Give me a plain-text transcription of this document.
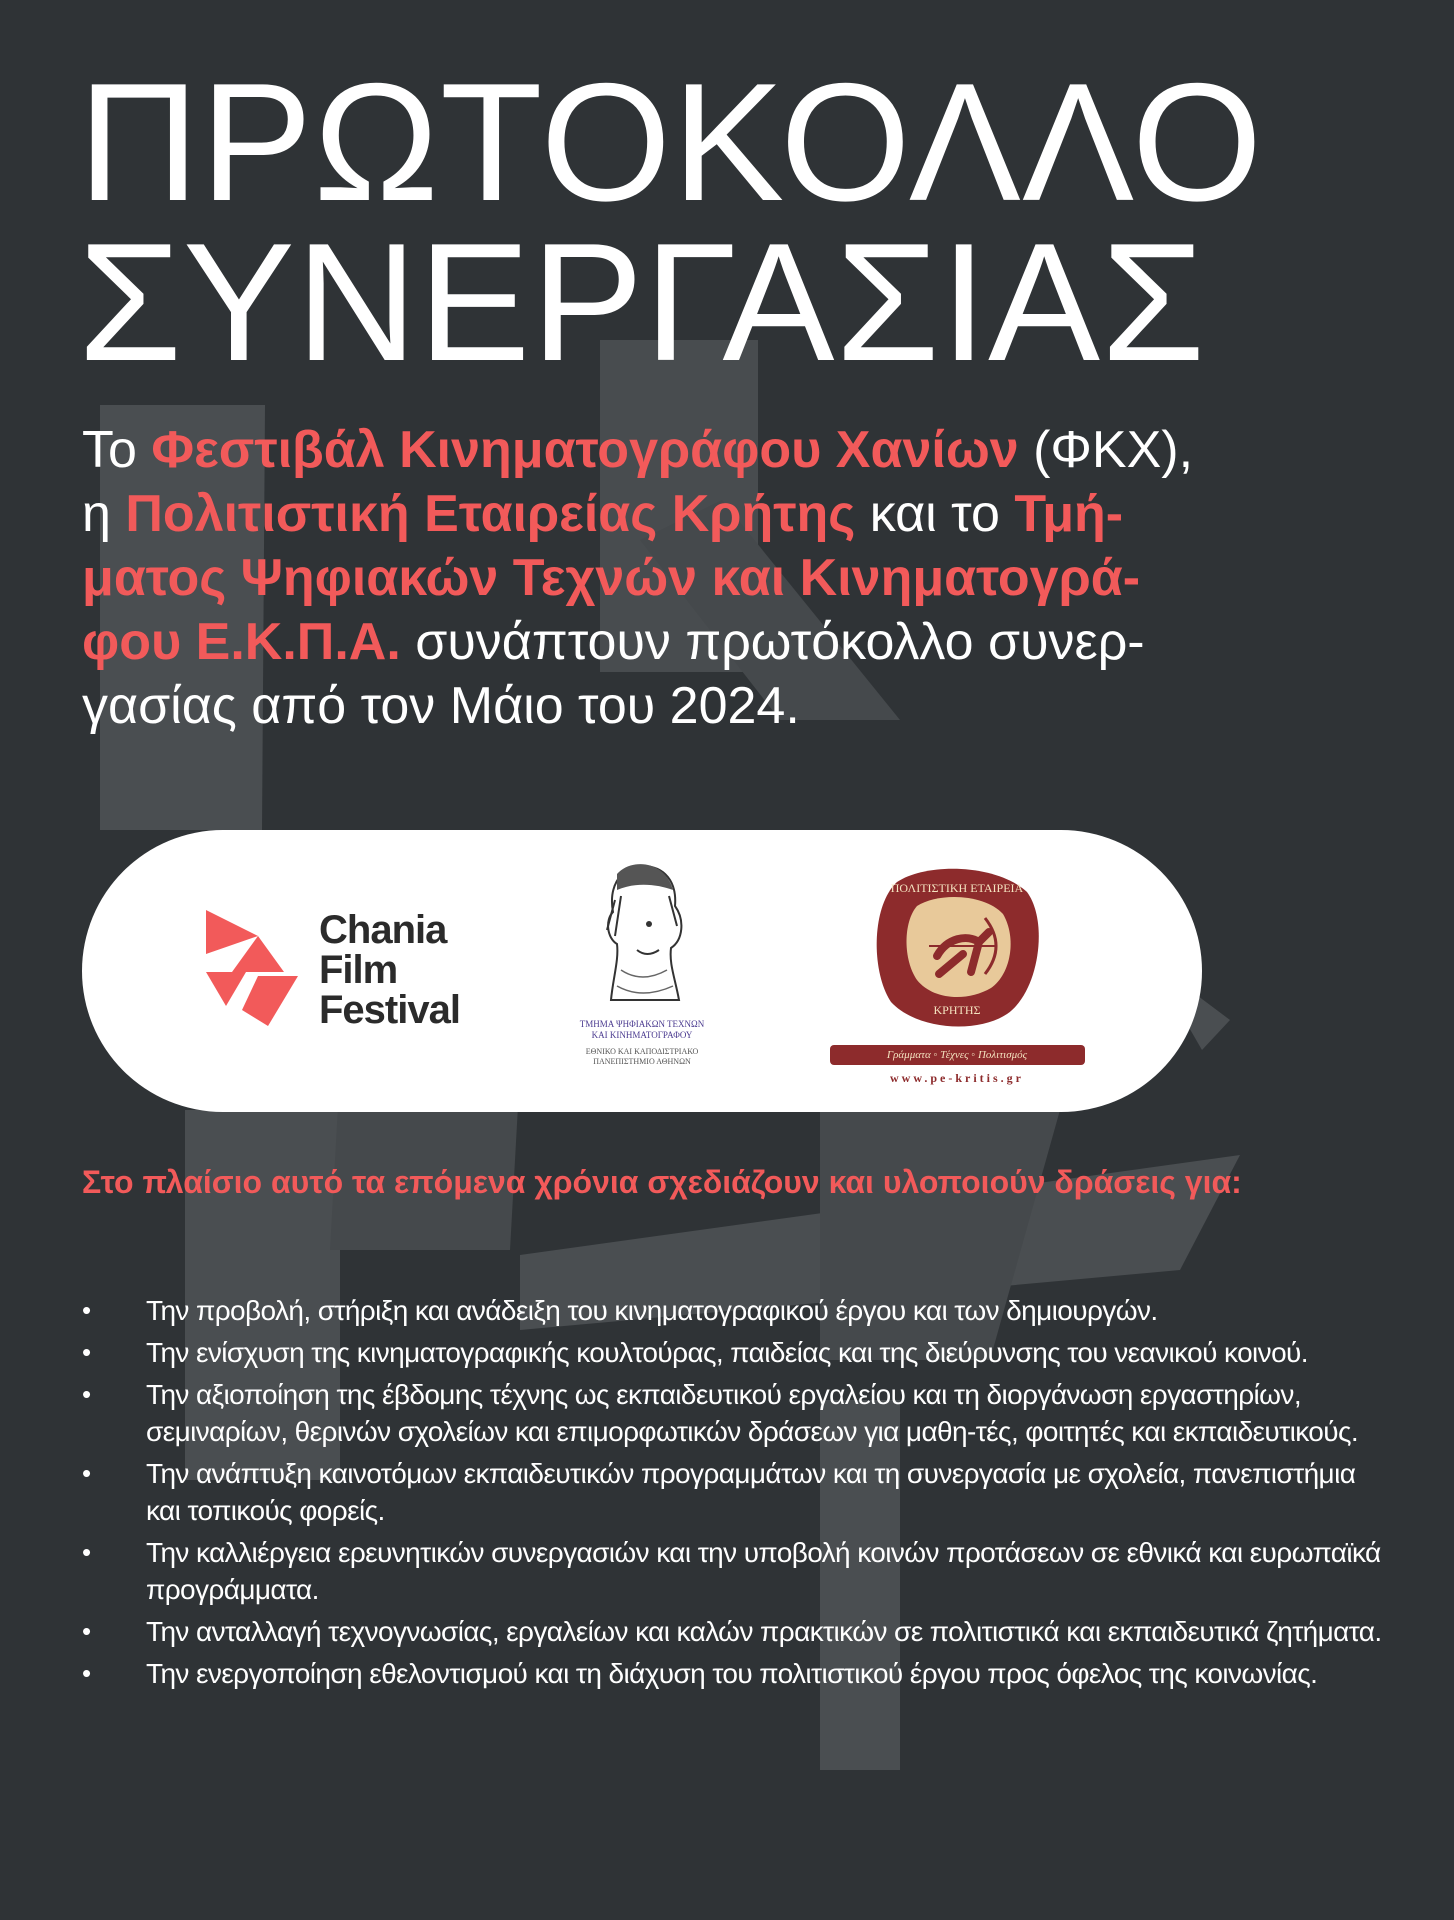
ΠΡΩΤΟΚΟΛΛΟ
ΣΥΝΕΡΓΑΣΙΑΣ

Το Φεστιβάλ Κινηματογράφου Χανίων (ΦΚΧ),
η Πολιτιστική Εταιρείας Κρήτης και το Τμή-
ματος Ψηφιακών Τεχνών και Κινηματογρά-
φου Ε.Κ.Π.Α. συνάπτουν πρωτόκολλο συνερ-
γασίας από τον Μάιο του 2024.

Chania
Film
Festival	ΤΜΗΜΑ ΨΗΦΙΑΚΩΝ ΤΕΧΝΩΝ
ΚΑΙ ΚΙΝΗΜΑΤΟΓΡΑΦΟΥ
ΕΘΝΙΚΟ ΚΑΙ ΚΑΠΟΔΙΣΤΡΙΑΚΟ
ΠΑΝΕΠΙΣΤΗΜΙΟ ΑΘΗΝΩΝ
ΠΟΛΙΤΙΣΤΙΚΗ ΕΤΑΙΡΕΙΑ
ΚΡΗΤΗΣ
Γράμματα ◦ Τέχνες ◦ Πολιτισμός
www.pe-kritis.gr
Στο πλαίσιο αυτό τα επόμενα χρόνια σχεδιάζουν και υλοποιούν δράσεις για:
• Την προβολή, στήριξη και ανάδειξη του κινηματογραφικού έργου και των δημιουργών.
• Την ενίσχυση της κινηματογραφικής κουλτούρας, παιδείας και της διεύρυνσης του νεανικού κοινού.
• Την αξιοποίηση της έβδομης τέχνης ως εκπαιδευτικού εργαλείου και τη διοργάνωση εργαστηρίων, σεμιναρίων, θερινών σχολείων και επιμορφωτικών δράσεων για μαθη-τές, φοιτητές και εκπαιδευτικούς.
• Την ανάπτυξη καινοτόμων εκπαιδευτικών προγραμμάτων και τη συνεργασία με σχολεία, πανεπιστήμια και τοπικούς φορείς.
• Την καλλιέργεια ερευνητικών συνεργασιών και την υποβολή κοινών προτάσεων σε εθνικά και ευρωπαϊκά προγράμματα.
• Την ανταλλαγή τεχνογνωσίας, εργαλείων και καλών πρακτικών σε πολιτιστικά και εκπαιδευτικά ζητήματα.
• Την ενεργοποίηση εθελοντισμού και τη διάχυση του πολιτιστικού έργου προς όφελος της κοινωνίας.
